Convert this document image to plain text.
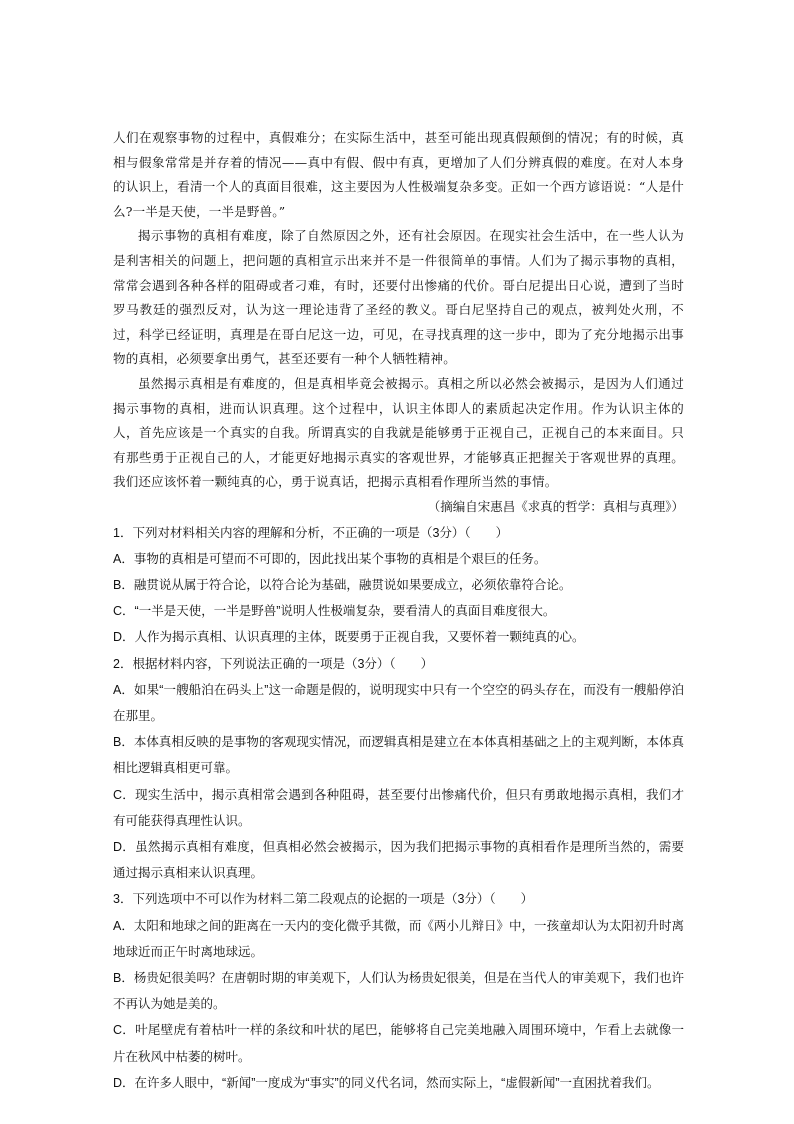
人们在观察事物的过程中，真假难分；在实际生活中，甚至可能出现真假颠倒的情况；有的时候，真相与假象常常是并存着的情况——真中有假、假中有真，更增加了人们分辨真假的难度。在对人本身的认识上，看清一个人的真面目很难，这主要因为人性极端复杂多变。正如一个西方谚语说：“人是什么?一半是天使，一半是野兽。”

揭示事物的真相有难度，除了自然原因之外，还有社会原因。在现实社会生活中，在一些人认为是利害相关的问题上，把问题的真相宣示出来并不是一件很简单的事情。人们为了揭示事物的真相，常常会遇到各种各样的阻碍或者刁难，有时，还要付出惨痛的代价。哥白尼提出日心说，遭到了当时罗马教廷的强烈反对，认为这一理论违背了圣经的教义。哥白尼坚持自己的观点，被判处火刑，不过，科学已经证明，真理是在哥白尼这一边，可见，在寻找真理的这一步中，即为了充分地揭示出事物的真相，必须要拿出勇气，甚至还要有一种个人牺牲精神。

虽然揭示真相是有难度的，但是真相毕竟会被揭示。真相之所以必然会被揭示，是因为人们通过揭示事物的真相，进而认识真理。这个过程中，认识主体即人的素质起决定作用。作为认识主体的人，首先应该是一个真实的自我。所谓真实的自我就是能够勇于正视自己，正视自己的本来面目。只有那些勇于正视自己的人，才能更好地揭示真实的客观世界，才能够真正把握关于客观世界的真理。我们还应该怀着一颗纯真的心，勇于说真话，把揭示真相看作理所当然的事情。

（摘编自宋惠昌《求真的哲学：真相与真理》）

1．下列对材料相关内容的理解和分析，不正确的一项是（3分）（　　）

A．事物的真相是可望而不可即的，因此找出某个事物的真相是个艰巨的任务。

B．融贯说从属于符合论，以符合论为基础，融贯说如果要成立，必须依靠符合论。

C．“一半是天使，一半是野兽”说明人性极端复杂，要看清人的真面目难度很大。

D．人作为揭示真相、认识真理的主体，既要勇于正视自我，又要怀着一颗纯真的心。

2．根据材料内容，下列说法正确的一项是（3分）（　　）

A．如果“一艘船泊在码头上”这一命题是假的，说明现实中只有一个空空的码头存在，而没有一艘船停泊在那里。

B．本体真相反映的是事物的客观现实情况，而逻辑真相是建立在本体真相基础之上的主观判断，本体真相比逻辑真相更可靠。

C．现实生活中，揭示真相常会遇到各种阻碍，甚至要付出惨痛代价，但只有勇敢地揭示真相，我们才有可能获得真理性认识。

D．虽然揭示真相有难度，但真相必然会被揭示，因为我们把揭示事物的真相看作是理所当然的，需要通过揭示真相来认识真理。

3．下列选项中不可以作为材料二第二段观点的论据的一项是（3分）（　　）

A．太阳和地球之间的距离在一天内的变化微乎其微，而《两小儿辩日》中，一孩童却认为太阳初升时离地球近而正午时离地球远。

B．杨贵妃很美吗？在唐朝时期的审美观下，人们认为杨贵妃很美，但是在当代人的审美观下，我们也许不再认为她是美的。

C．叶尾壁虎有着枯叶一样的条纹和叶状的尾巴，能够将自己完美地融入周围环境中，乍看上去就像一片在秋风中枯萎的树叶。

D．在许多人眼中，“新闻”一度成为“事实”的同义代名词，然而实际上，“虚假新闻”一直困扰着我们。
